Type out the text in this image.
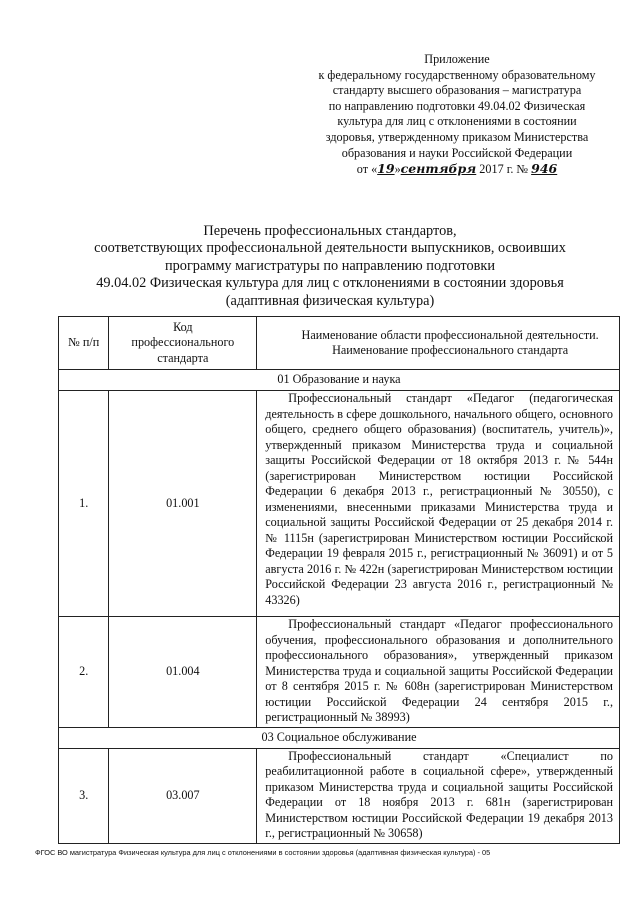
Приложение
к федеральному государственному образовательному
стандарту высшего образования – магистратура
по направлению подготовки 49.04.02 Физическая
культура для лиц с отклонениями в состоянии
здоровья, утвержденному приказом Министерства
образования и науки Российской Федерации
от «19»сентября 2017 г. № 946
Перечень профессиональных стандартов,
соответствующих профессиональной деятельности выпускников, освоивших
программу магистратуры по направлению подготовки
49.04.02 Физическая культура для лиц с отклонениями в состоянии здоровья
(адаптивная физическая культура)
№ п/п	Код профессионального стандарта	Наименование области профессиональной деятельности. Наименование профессионального стандарта
01 Образование и наука		
1.	01.001	Профессиональный стандарт «Педагог (педагогическая деятельность в сфере дошкольного, начального общего, основного общего, среднего общего образования) (воспитатель, учитель)», утвержденный приказом Министерства труда и социальной защиты Российской Федерации от 18 октября 2013 г. № 544н (зарегистрирован Министерством юстиции Российской Федерации 6 декабря 2013 г., регистрационный № 30550), с изменениями, внесенными приказами Министерства труда и социальной защиты Российской Федерации от 25 декабря 2014 г. № 1115н (зарегистрирован Министерством юстиции Российской Федерации 19 февраля 2015 г., регистрационный № 36091) и от 5 августа 2016 г. № 422н (зарегистрирован Министерством юстиции Российской Федерации 23 августа 2016 г., регистрационный № 43326)
2.	01.004	Профессиональный стандарт «Педагог профессионального обучения, профессионального образования и дополнительного профессионального образования», утвержденный приказом Министерства труда и социальной защиты Российской Федерации от 8 сентября 2015 г. № 608н (зарегистрирован Министерством юстиции Российской Федерации 24 сентября 2015 г., регистрационный № 38993)
03 Социальное обслуживание		
3.	03.007	Профессиональный стандарт «Специалист по реабилитационной работе в социальной сфере», утвержденный приказом Министерства труда и социальной защиты Российской Федерации от 18 ноября 2013 г. 681н (зарегистрирован Министерством юстиции Российской Федерации 19 декабря 2013 г., регистрационный № 30658)
ФГОС ВО магистратура Физическая культура для лиц с отклонениями в состоянии здоровья (адаптивная физическая культура) - 05
